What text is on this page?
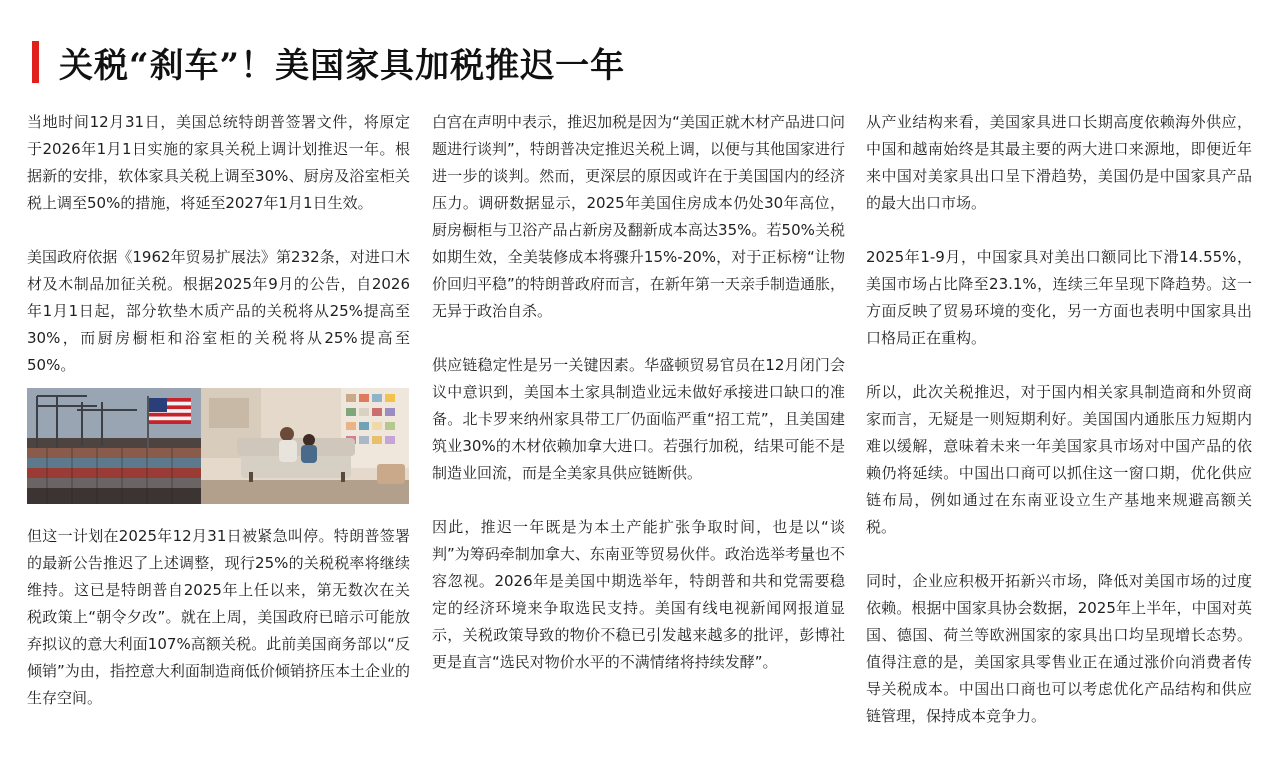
关税“刹车”！美国家具加税推迟一年

当地时间12月31日，美国总统特朗普签署文件，将原定于2026年1月1日实施的家具关税上调计划推迟一年。根据新的安排，软体家具关税上调至30%、厨房及浴室柜关税上调至50%的措施，将延至2027年1月1日生效。

美国政府依据《1962年贸易扩展法》第232条，对进口木材及木制品加征关税。根据2025年9月的公告，自2026年1月1日起，部分软垫木质产品的关税将从25%提高至30%，而厨房橱柜和浴室柜的关税将从25%提高至50%。

但这一计划在2025年12月31日被紧急叫停。特朗普签署的最新公告推迟了上述调整，现行25%的关税税率将继续维持。这已是特朗普自2025年上任以来，第无数次在关税政策上“朝令夕改”。就在上周，美国政府已暗示可能放弃拟议的意大利面107%高额关税。此前美国商务部以“反倾销”为由，指控意大利面制造商低价倾销挤压本土企业的生存空间。

白宫在声明中表示，推迟加税是因为“美国正就木材产品进口问题进行谈判”，特朗普决定推迟关税上调，以便与其他国家进行进一步的谈判。然而，更深层的原因或许在于美国国内的经济压力。调研数据显示，2025年美国住房成本仍处30年高位，厨房橱柜与卫浴产品占新房及翻新成本高达35%。若50%关税如期生效，全美装修成本将骤升15%-20%，对于正标榜“让物价回归平稳”的特朗普政府而言，在新年第一天亲手制造通胀，无异于政治自杀。

供应链稳定性是另一关键因素。华盛顿贸易官员在12月闭门会议中意识到，美国本土家具制造业远未做好承接进口缺口的准备。北卡罗来纳州家具带工厂仍面临严重“招工荒”，且美国建筑业30%的木材依赖加拿大进口。若强行加税，结果可能不是制造业回流，而是全美家具供应链断供。

因此，推迟一年既是为本土产能扩张争取时间，也是以“谈判”为筹码牵制加拿大、东南亚等贸易伙伴。政治选举考量也不容忽视。2026年是美国中期选举年，特朗普和共和党需要稳定的经济环境来争取选民支持。美国有线电视新闻网报道显示，关税政策导致的物价不稳已引发越来越多的批评，彭博社更是直言“选民对物价水平的不满情绪将持续发酵”。

从产业结构来看，美国家具进口长期高度依赖海外供应，中国和越南始终是其最主要的两大进口来源地，即便近年来中国对美家具出口呈下滑趋势，美国仍是中国家具产品的最大出口市场。

2025年1-9月，中国家具对美出口额同比下滑14.55%，美国市场占比降至23.1%，连续三年呈现下降趋势。这一方面反映了贸易环境的变化，另一方面也表明中国家具出口格局正在重构。

所以，此次关税推迟，对于国内相关家具制造商和外贸商家而言，无疑是一则短期利好。美国国内通胀压力短期内难以缓解，意味着未来一年美国家具市场对中国产品的依赖仍将延续。中国出口商可以抓住这一窗口期，优化供应链布局，例如通过在东南亚设立生产基地来规避高额关税。

同时，企业应积极开拓新兴市场，降低对美国市场的过度依赖。根据中国家具协会数据，2025年上半年，中国对英国、德国、荷兰等欧洲国家的家具出口均呈现增长态势。值得注意的是，美国家具零售业正在通过涨价向消费者传导关税成本。中国出口商也可以考虑优化产品结构和供应链管理，保持成本竞争力。
